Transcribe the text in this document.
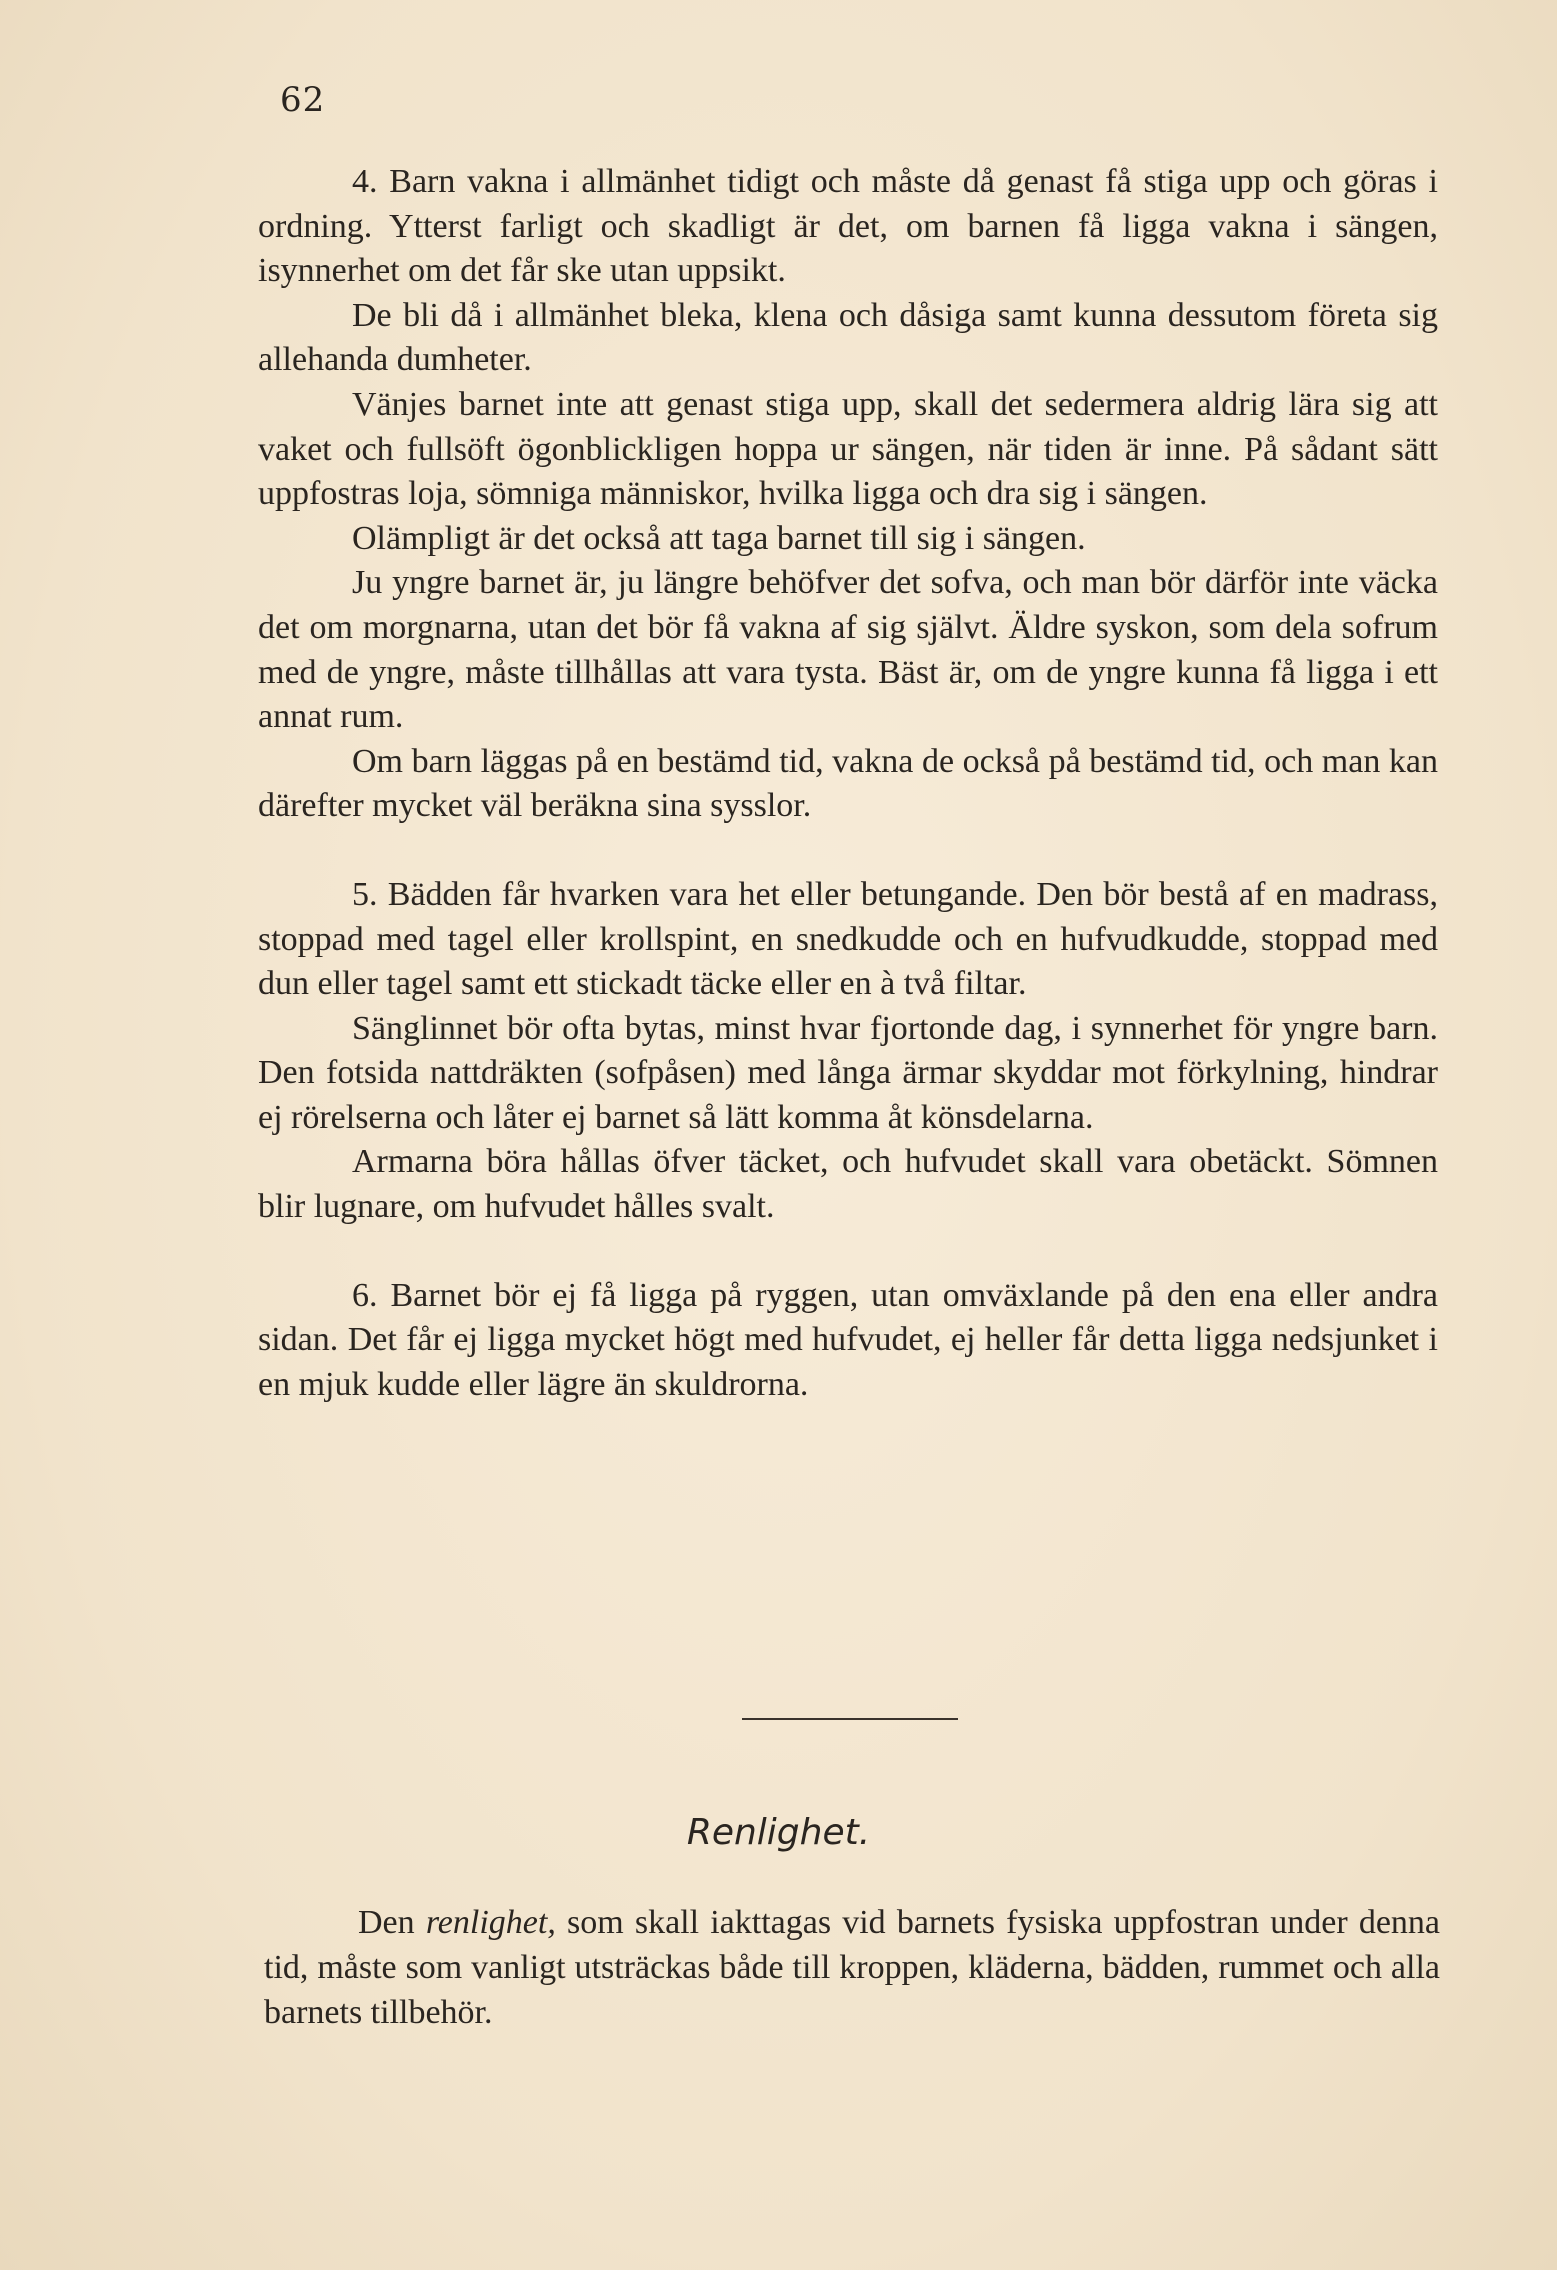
62

4. Barn vakna i allmänhet tidigt och måste då genast få stiga upp och göras i ordning. Ytterst farligt och skadligt är det, om barnen få ligga vakna i sängen, isynnerhet om det får ske utan uppsikt.

De bli då i allmänhet bleka, klena och dåsiga samt kunna dessutom företa sig allehanda dumheter.

Vänjes barnet inte att genast stiga upp, skall det sedermera aldrig lära sig att vaket och fullsöft ögonblickligen hoppa ur sängen, när tiden är inne. På sådant sätt uppfostras loja, sömniga människor, hvilka ligga och dra sig i sängen.

Olämpligt är det också att taga barnet till sig i sängen.

Ju yngre barnet är, ju längre behöfver det sofva, och man bör därför inte väcka det om morgnarna, utan det bör få vakna af sig självt. Äldre syskon, som dela sofrum med de yngre, måste tillhållas att vara tysta. Bäst är, om de yngre kunna få ligga i ett annat rum.

Om barn läggas på en bestämd tid, vakna de också på bestämd tid, och man kan därefter mycket väl beräkna sina sysslor.

5. Bädden får hvarken vara het eller betungande. Den bör bestå af en madrass, stoppad med tagel eller krollspint, en snedkudde och en hufvudkudde, stoppad med dun eller tagel samt ett stickadt täcke eller en à två filtar.

Sänglinnet bör ofta bytas, minst hvar fjortonde dag, i synnerhet för yngre barn. Den fotsida nattdräkten (sofpåsen) med långa ärmar skyddar mot förkylning, hindrar ej rörelserna och låter ej barnet så lätt komma åt könsdelarna.

Armarna böra hållas öfver täcket, och hufvudet skall vara obetäckt. Sömnen blir lugnare, om hufvudet hålles svalt.

6. Barnet bör ej få ligga på ryggen, utan omväxlande på den ena eller andra sidan. Det får ej ligga mycket högt med hufvudet, ej heller får detta ligga nedsjunket i en mjuk kudde eller lägre än skuldrorna.

Renlighet.

Den renlighet, som skall iakttagas vid barnets fysiska uppfostran under denna tid, måste som vanligt utsträckas både till kroppen, kläderna, bädden, rummet och alla barnets tillbehör.
